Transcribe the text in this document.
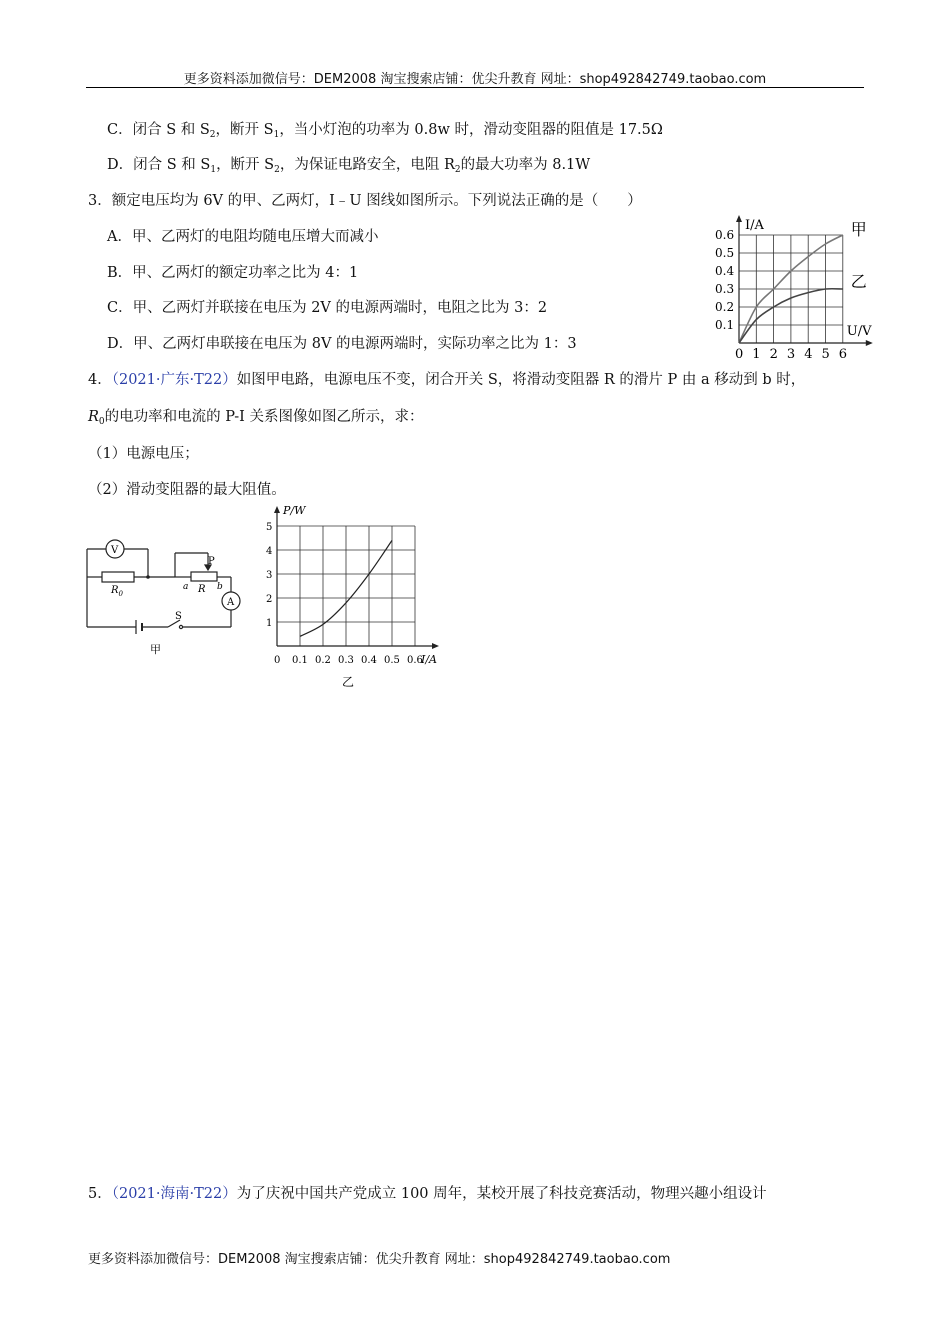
更多资料添加微信号：DEM2008 淘宝搜索店铺：优尖升教育 网址：shop492842749.taobao.com
C．闭合 S 和 $S_2$，断开 $S_1$，当小灯泡的功率为 0.8w 时，滑动变阻器的阻值是 17.5Ω
D．闭合 S 和 $S_1$，断开 $S_2$，为保证电路安全，电阻 $R_2$的最大功率为 8.1W
3．额定电压均为 6V 的甲、乙两灯，I﹣U 图线如图所示。下列说法正确的是（　　）
A．甲、乙两灯的电阻均随电压增大而减小
B．甲、乙两灯的额定功率之比为 4：1
C．甲、乙两灯并联接在电压为 2V 的电源两端时，电阻之比为 3：2
D．甲、乙两灯串联接在电压为 8V 的电源两端时，实际功率之比为 1：3
0 1 2 3 4 5 6
0.1
0.2
0.3
0.4
0.5
0.6
I/A
U/V
甲
乙
4．（2021·广东·T22）如图甲电路，电源电压不变，闭合开关 S，将滑动变阻器 R 的滑片 P 由 a 移动到 b 时，
$R_0$的电功率和电流的 P-I 关系图像如图乙所示，求：
（1）电源电压；
（2）滑动变阻器的最大阻值。
V
A
$R_0$
P
a R b
S
甲
0 0.1 0.2 0.3 0.4 0.5 0.6
1
2
3
4
5
P/W
I/A
乙
5．（2021·海南·T22）为了庆祝中国共产党成立 100 周年，某校开展了科技竞赛活动，物理兴趣小组设计
更多资料添加微信号：DEM2008 淘宝搜索店铺：优尖升教育 网址：shop492842749.taobao.com
